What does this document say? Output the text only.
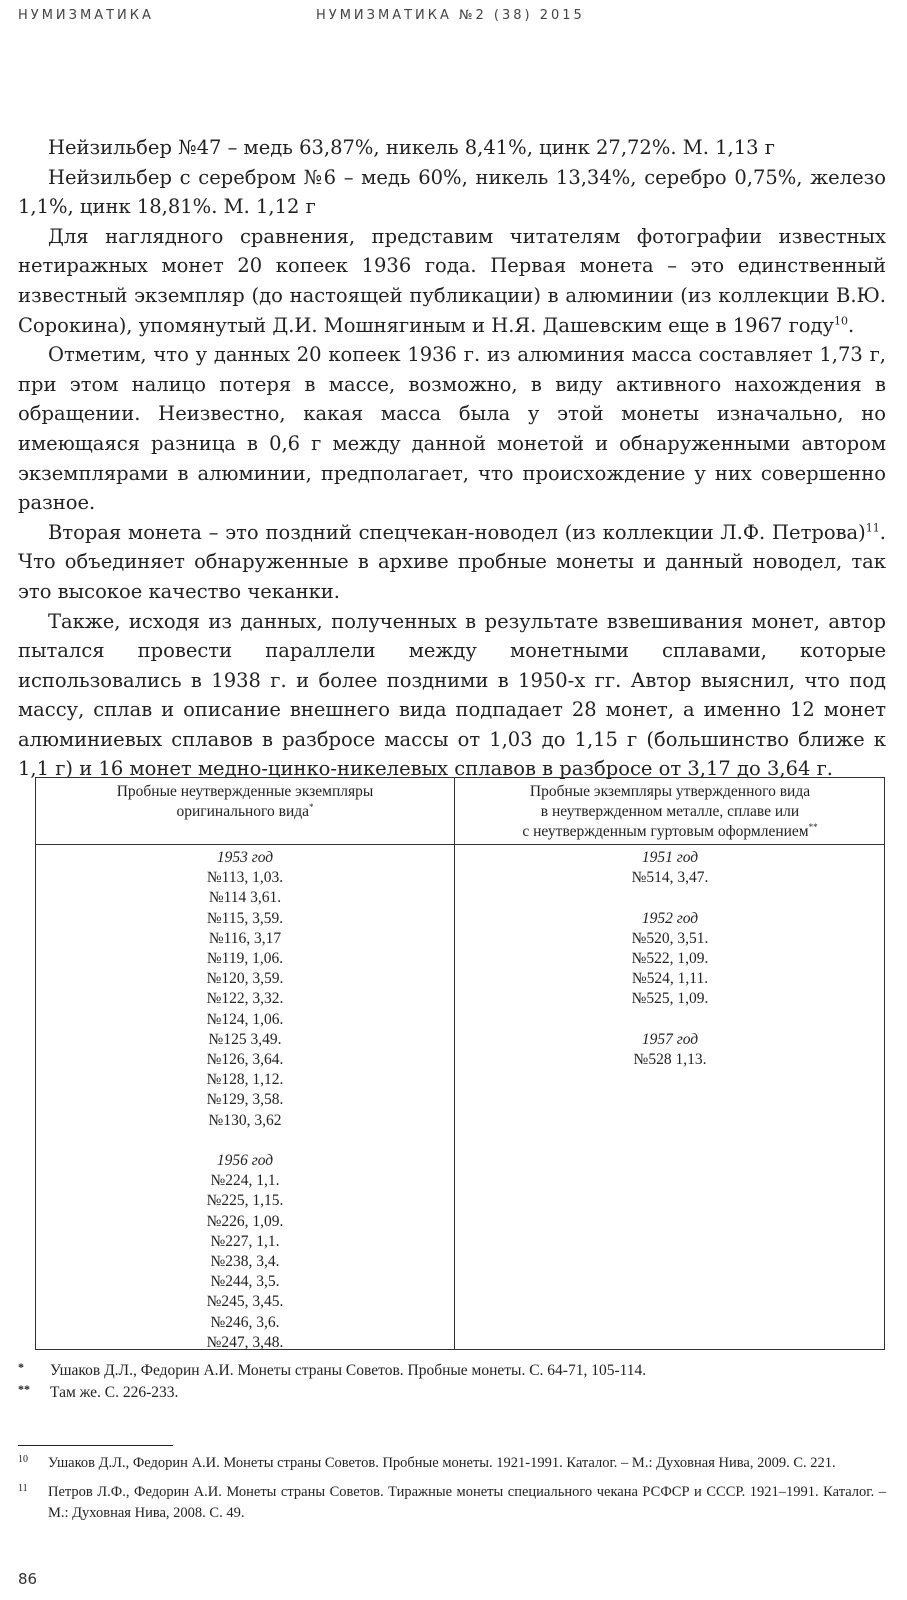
НУМИЗМАТИКА	НУМИЗМАТИКА №2 (38) 2015

Нейзильбер №47 – медь 63,87%, никель 8,41%, цинк 27,72%. М. 1,13 г

Нейзильбер с серебром №6 – медь 60%, никель 13,34%, серебро 0,75%, железо 1,1%, цинк 18,81%. М. 1,12 г

Для наглядного сравнения, представим читателям фотографии известных нетиражных монет 20 копеек 1936 года. Первая монета – это единственный известный экземпляр (до настоящей публикации) в алюминии (из коллекции В.Ю. Сорокина), упомянутый Д.И. Мошнягиным и Н.Я. Дашевским еще в 1967 году$^{10}$.

Отметим, что у данных 20 копеек 1936 г. из алюминия масса составляет 1,73 г, при этом налицо потеря в массе, возможно, в виду активного нахождения в обращении. Неизвестно, какая масса была у этой монеты изначально, но имеющаяся разница в 0,6 г между данной монетой и обнаруженными автором экземплярами в алюминии, предполагает, что происхождение у них совершенно разное.

Вторая монета – это поздний спецчекан-новодел (из коллекции Л.Ф. Петрова)$^{11}$. Что объединяет обнаруженные в архиве пробные монеты и данный новодел, так это высокое качество чеканки.

Также, исходя из данных, полученных в результате взвешивания монет, автор пытался провести параллели между монетными сплавами, которые использовались в 1938 г. и более поздними в 1950-х гг. Автор выяснил, что под массу, сплав и описание внешнего вида подпадает 28 монет, а именно 12 монет алюминиевых сплавов в разбросе массы от 1,03 до 1,15 г (большинство ближе к 1,1 г) и 16 монет медно-цинко-никелевых сплавов в разбросе от 3,17 до 3,64 г.

Пробные неутвержденные экземпляры
оригинального вида*
Пробные экземпляры утвержденного вида
в неутвержденном металле, сплаве или
с неутвержденным гуртовым оформлением**
1953 год
№113, 1,03.
№114 3,61.
№115, 3,59.
№116, 3,17
№119, 1,06.
№120, 3,59.
№122, 3,32.
№124, 1,06.
№125 3,49.
№126, 3,64.
№128, 1,12.
№129, 3,58.
№130, 3,62
1956 год
№224, 1,1.
№225, 1,15.
№226, 1,09.
№227, 1,1.
№238, 3,4.
№244, 3,5.
№245, 3,45.
№246, 3,6.
№247, 3,48.
1951 год
№514, 3,47.
1952 год
№520, 3,51.
№522, 1,09.
№524, 1,11.
№525, 1,09.
1957 год
№528 1,13.
* Ушаков Д.Л., Федорин А.И. Монеты страны Советов. Пробные монеты. С. 64-71, 105-114.
** Там же. С. 226-233.
10 Ушаков Д.Л., Федорин А.И. Монеты страны Советов. Пробные монеты. 1921-1991. Каталог. – М.: Духовная Нива, 2009. С. 221.
11 Петров Л.Ф., Федорин А.И. Монеты страны Советов. Тиражные монеты специального чекана РСФСР и СССР. 1921–1991. Каталог. – М.: Духовная Нива, 2008. С. 49.
86
